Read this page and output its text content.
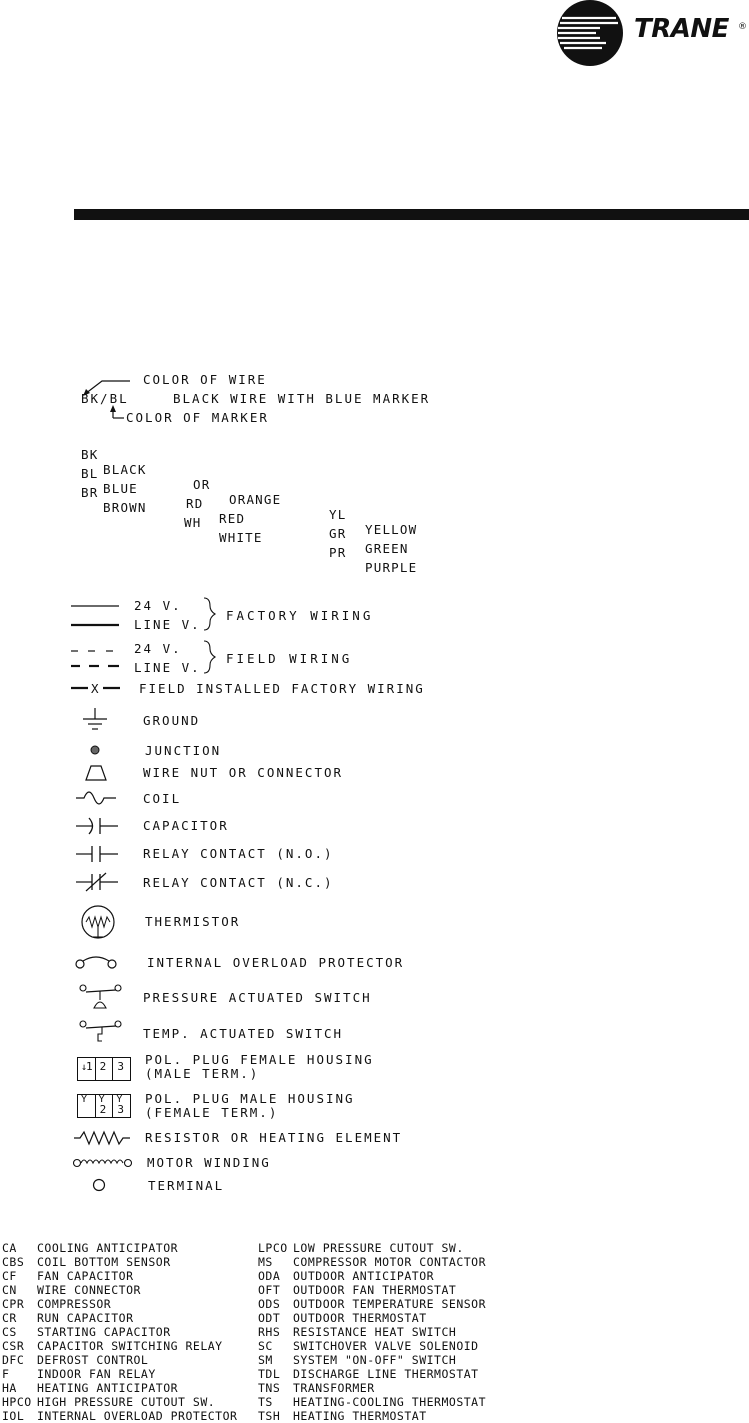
TRANE ®
COLOR OF WIRE
BK/BL	BLACK WIRE WITH BLUE MARKER
COLOR OF MARKER

BK

BLACK

OR

ORANGE

YL

YELLOW

BL

BLUE

RD

RED

GR

GREEN

BR

BROWN

WH

WHITE

PR

PURPLE

X
24 V.
LINE V.
FACTORY WIRING
24 V.
LINE V.
FIELD WIRING
FIELD INSTALLED FACTORY WIRING
GROUND
JUNCTION
WIRE NUT OR CONNECTOR
COIL
CAPACITOR
RELAY CONTACT (N.O.)
RELAY CONTACT (N.C.)
THERMISTOR
INTERNAL OVERLOAD PROTECTOR
PRESSURE ACTUATED SWITCH
TEMP. ACTUATED SWITCH
1
↓ 2 3 POL. PLUG FEMALE HOUSING
(MALE TERM.)
Y Y
2
Y
3
POL. PLUG MALE HOUSING
(FEMALE TERM.)
RESISTOR OR HEATING ELEMENT
MOTOR WINDING
TERMINAL
CA COOLING ANTICIPATOR
CBS COIL BOTTOM SENSOR
CF FAN CAPACITOR
CN WIRE CONNECTOR
CPR COMPRESSOR
CR RUN CAPACITOR
CS STARTING CAPACITOR
CSR CAPACITOR SWITCHING RELAY
DFC DEFROST CONTROL
F INDOOR FAN RELAY
HA HEATING ANTICIPATOR
HPCO HIGH PRESSURE CUTOUT SW.
IOL INTERNAL OVERLOAD PROTECTOR
LPCO LOW PRESSURE CUTOUT SW.
MS COMPRESSOR MOTOR CONTACTOR
ODA OUTDOOR ANTICIPATOR
OFT OUTDOOR FAN THERMOSTAT
ODS OUTDOOR TEMPERATURE SENSOR
ODT OUTDOOR THERMOSTAT
RHS RESISTANCE HEAT SWITCH
SC SWITCHOVER VALVE SOLENOID
SM SYSTEM "ON-OFF" SWITCH
TDL DISCHARGE LINE THERMOSTAT
TNS TRANSFORMER
TS HEATING-COOLING THERMOSTAT
TSH HEATING THERMOSTAT
